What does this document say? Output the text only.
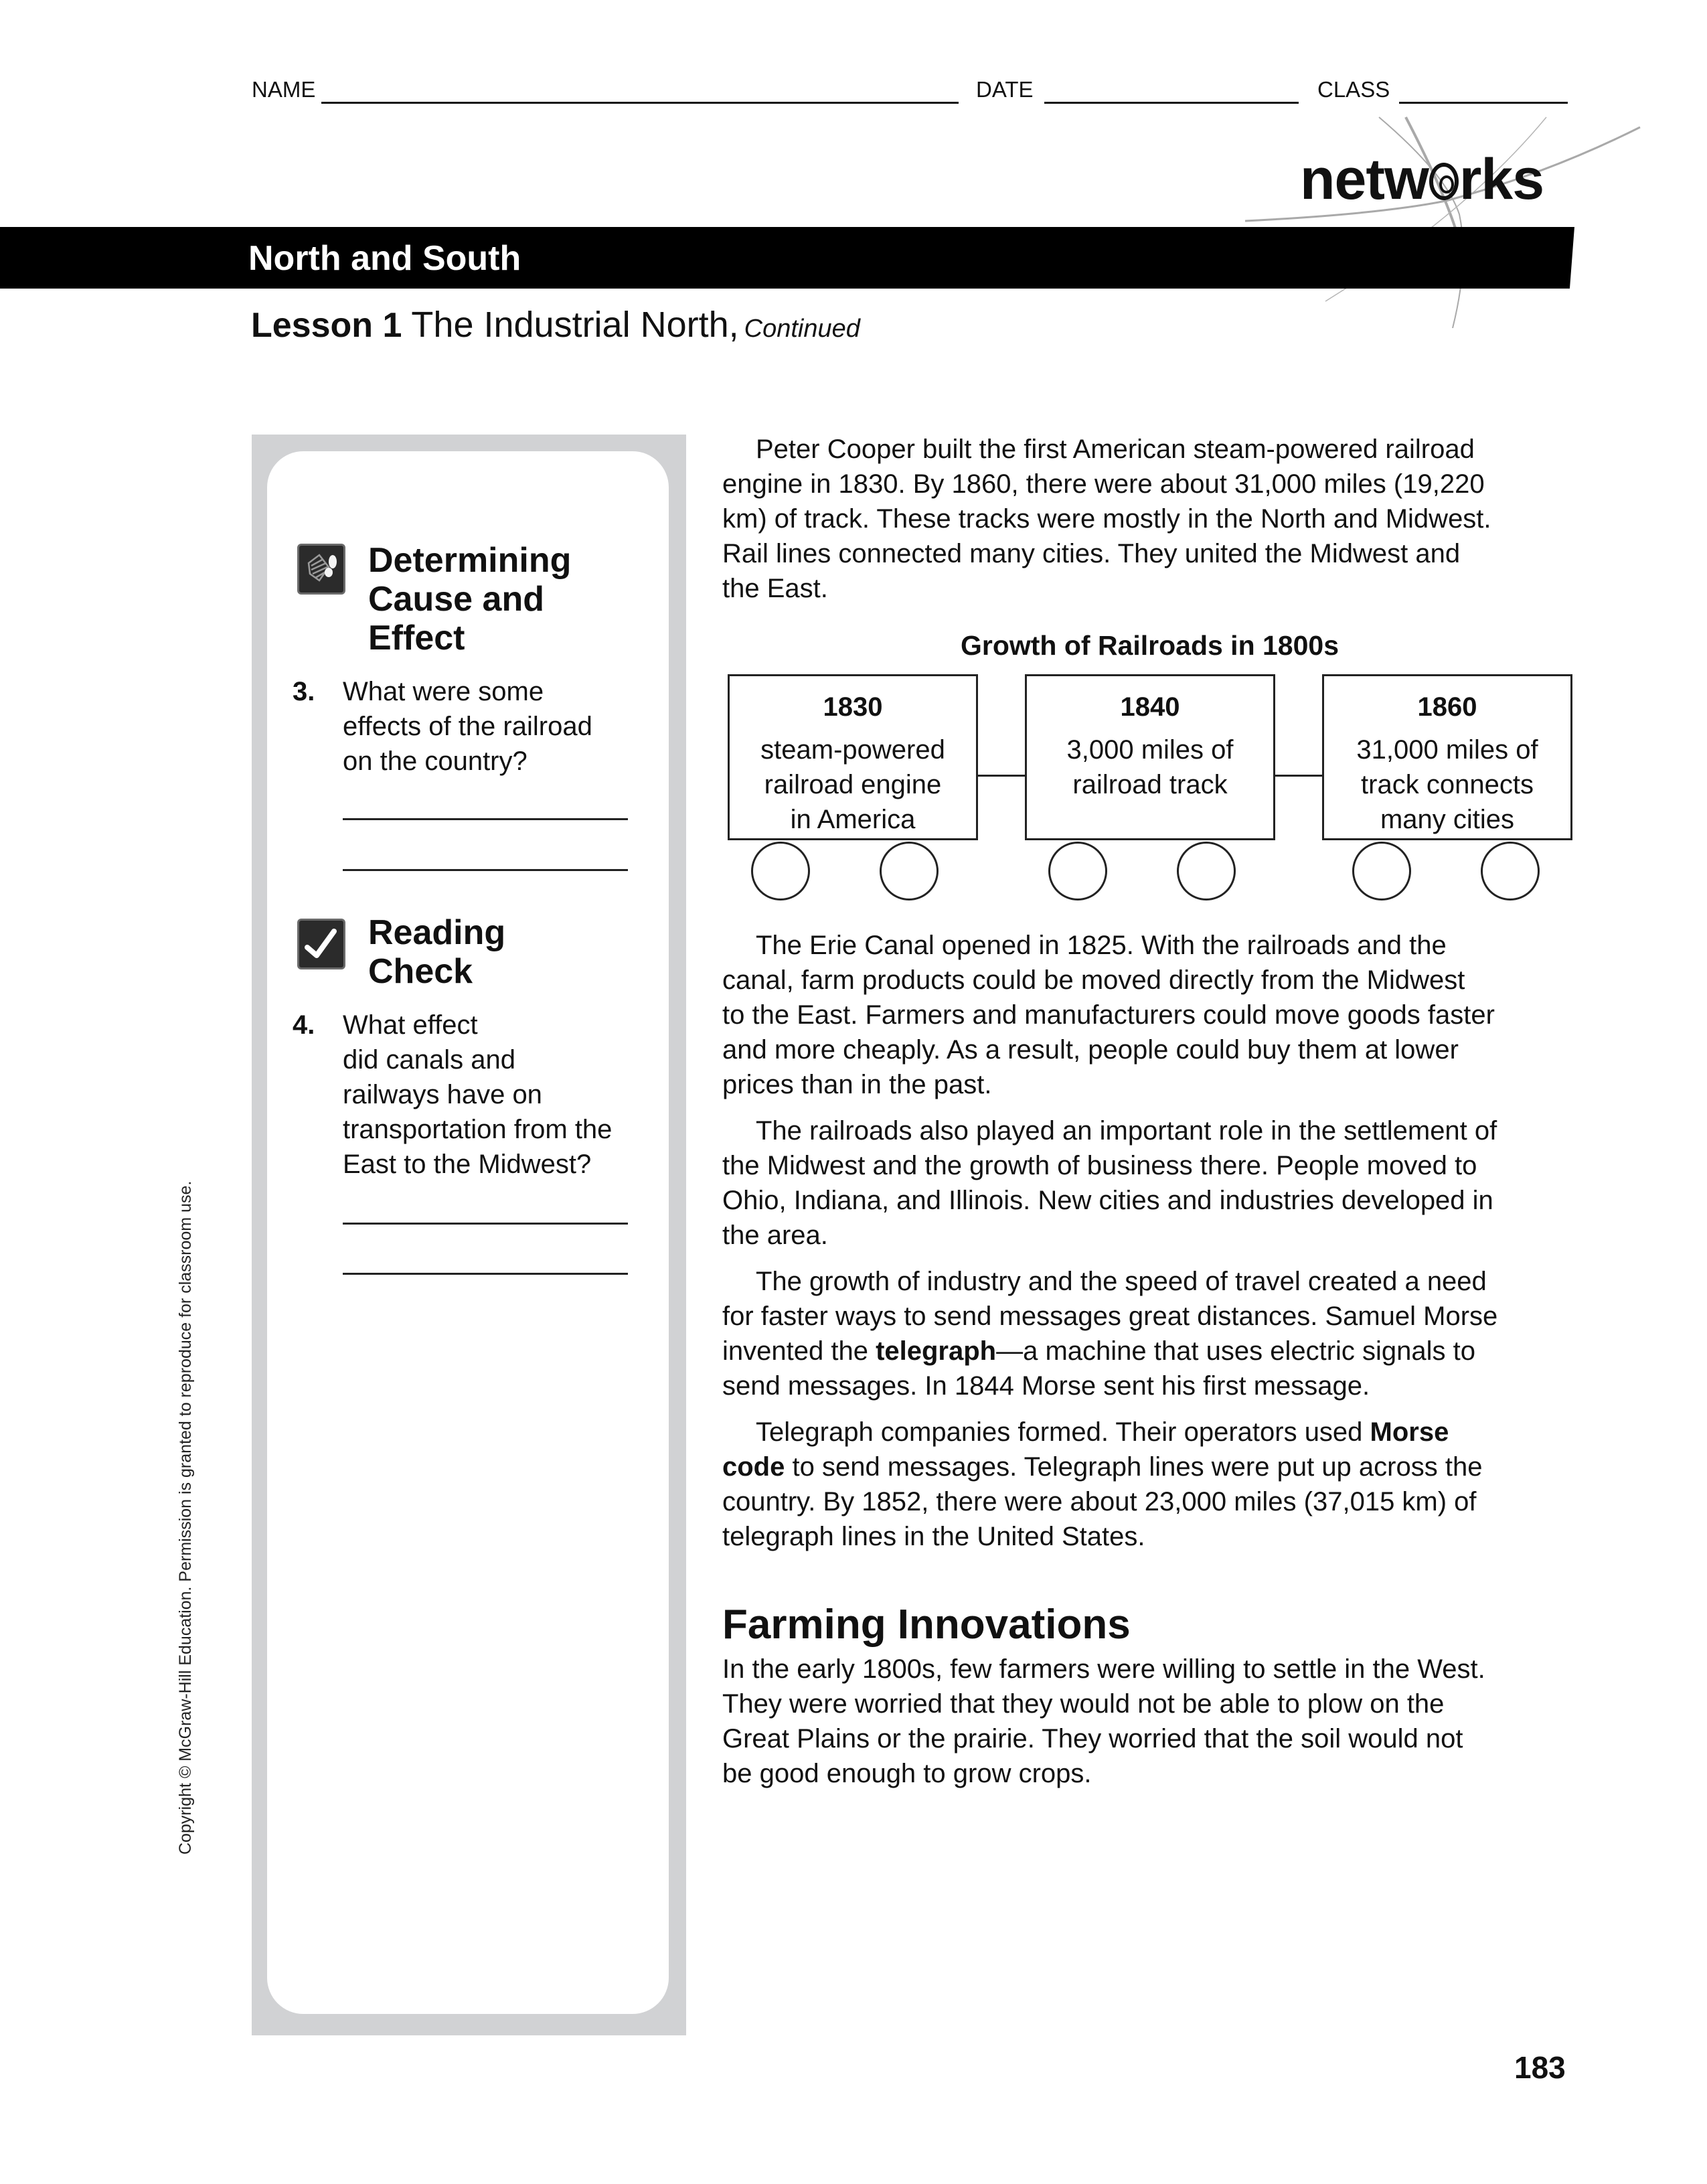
NAME	DATE	CLASS
netw rks
North and South
Lesson 1 The Industrial North, Continued
Determining
Cause and
Effect
3. What were some
effects of the railroad
on the country?
Reading
Check
4. What effect
did canals and
railways have on
transportation from the
East to the Midwest?
Peter Cooper built the first American steam-powered railroad
engine in 1830. By 1860, there were about 31,000 miles (19,220
km) of track. These tracks were mostly in the North and Midwest.
Rail lines connected many cities. They united the Midwest and
the East.
Growth of Railroads in 1800s
1830
steam-powered
railroad engine
in America
1840
3,000 miles of
railroad track
1860
31,000 miles of
track connects
many cities
The Erie Canal opened in 1825. With the railroads and the
canal, farm products could be moved directly from the Midwest
to the East. Farmers and manufacturers could move goods faster
and more cheaply. As a result, people could buy them at lower
prices than in the past.
The railroads also played an important role in the settlement of
the Midwest and the growth of business there. People moved to
Ohio, Indiana, and Illinois. New cities and industries developed in
the area.
The growth of industry and the speed of travel created a need
for faster ways to send messages great distances. Samuel Morse
invented the telegraph—a machine that uses electric signals to
send messages. In 1844 Morse sent his first message.
Telegraph companies formed. Their operators used Morse
code to send messages. Telegraph lines were put up across the
country. By 1852, there were about 23,000 miles (37,015 km) of
telegraph lines in the United States.
Farming Innovations
In the early 1800s, few farmers were willing to settle in the West.
They were worried that they would not be able to plow on the
Great Plains or the prairie. They worried that the soil would not
be good enough to grow crops.
Copyright © McGraw-Hill Education. Permission is granted to reproduce for classroom use.
183
